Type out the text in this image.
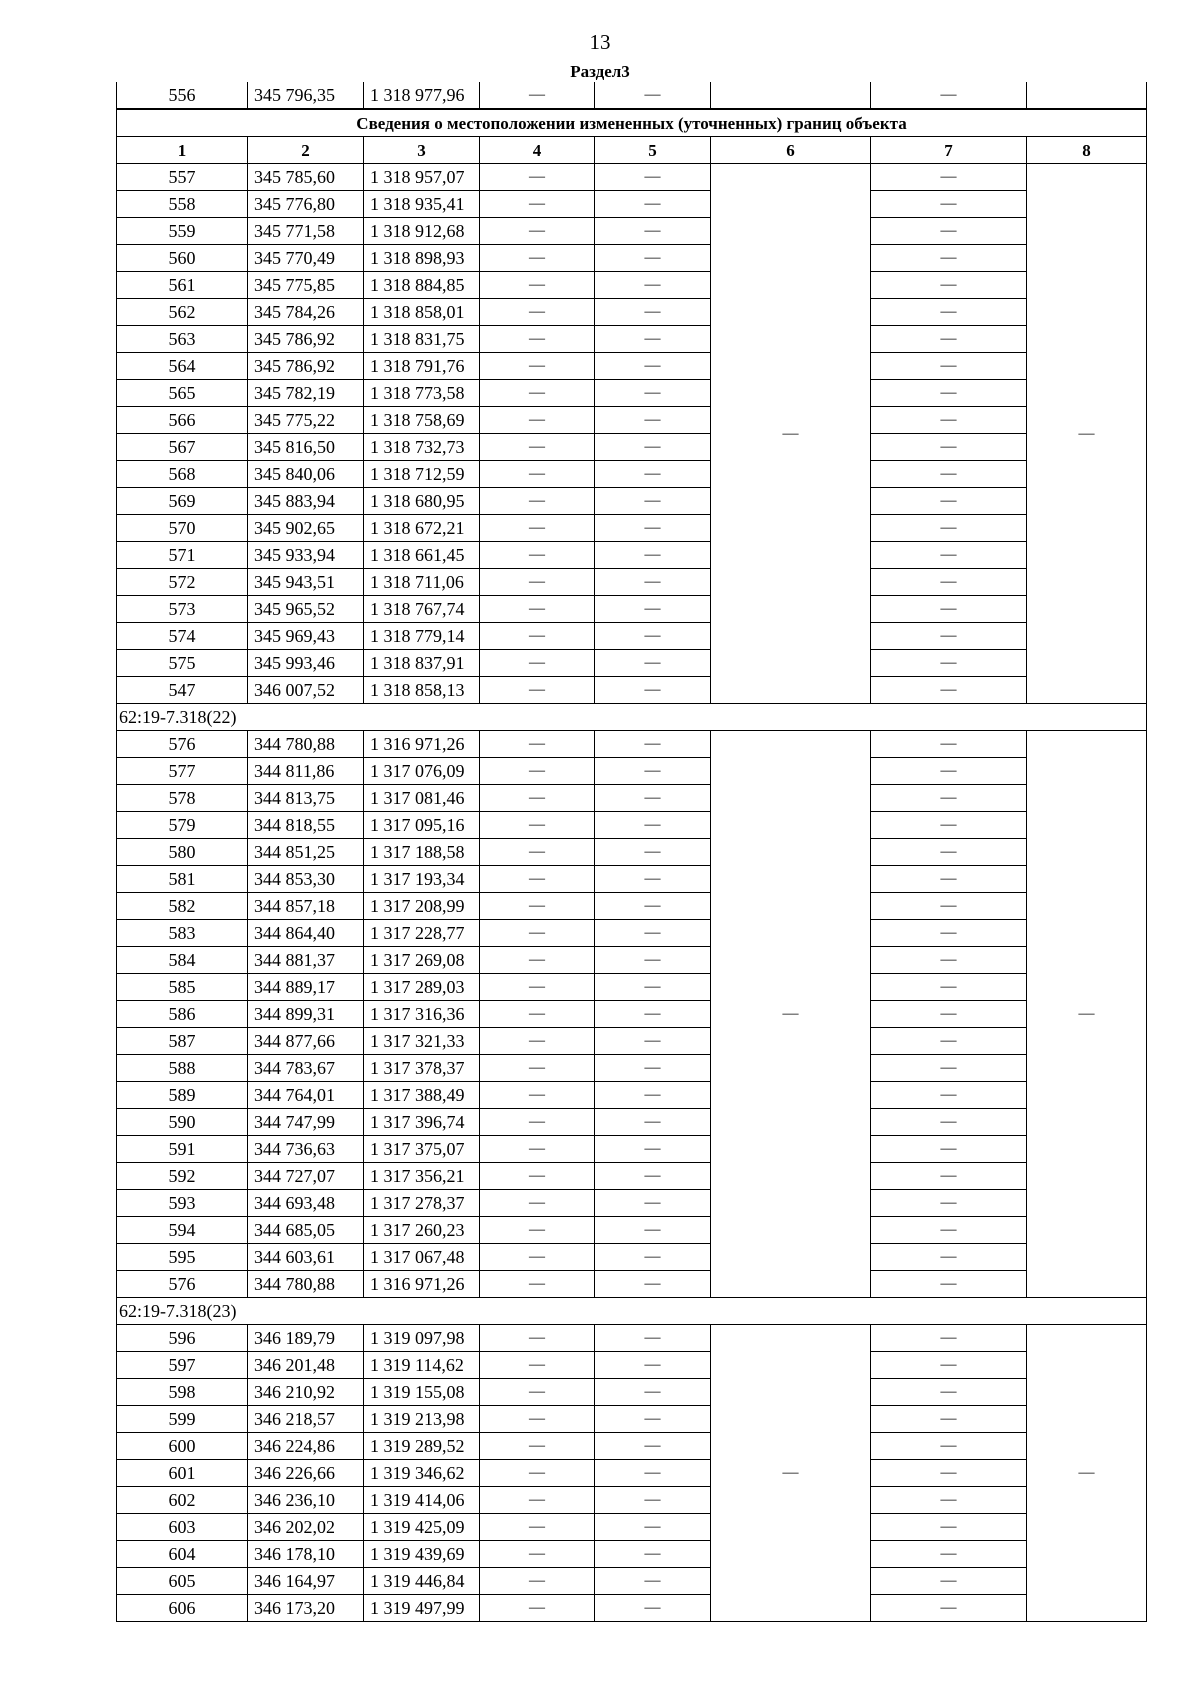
13
Раздел3
556	345 796,35	1 318 977,96	—	—		—	
Сведения о местоположении измененных (уточненных) границ объекта							
1	2	3	4	5	6	7	8
557	345 785,60	1 318 957,07	—	—	—	—	—
558	345 776,80	1 318 935,41	—	—		—	
559	345 771,58	1 318 912,68	—	—		—	
560	345 770,49	1 318 898,93	—	—		—	
561	345 775,85	1 318 884,85	—	—		—	
562	345 784,26	1 318 858,01	—	—		—	
563	345 786,92	1 318 831,75	—	—		—	
564	345 786,92	1 318 791,76	—	—		—	
565	345 782,19	1 318 773,58	—	—		—	
566	345 775,22	1 318 758,69	—	—		—	
567	345 816,50	1 318 732,73	—	—		—	
568	345 840,06	1 318 712,59	—	—		—	
569	345 883,94	1 318 680,95	—	—		—	
570	345 902,65	1 318 672,21	—	—		—	
571	345 933,94	1 318 661,45	—	—		—	
572	345 943,51	1 318 711,06	—	—		—	
573	345 965,52	1 318 767,74	—	—		—	
574	345 969,43	1 318 779,14	—	—		—	
575	345 993,46	1 318 837,91	—	—		—	
547	346 007,52	1 318 858,13	—	—		—	
62:19-7.318(22)							
576	344 780,88	1 316 971,26	—	—	—	—	—
577	344 811,86	1 317 076,09	—	—		—	
578	344 813,75	1 317 081,46	—	—		—	
579	344 818,55	1 317 095,16	—	—		—	
580	344 851,25	1 317 188,58	—	—		—	
581	344 853,30	1 317 193,34	—	—		—	
582	344 857,18	1 317 208,99	—	—		—	
583	344 864,40	1 317 228,77	—	—		—	
584	344 881,37	1 317 269,08	—	—		—	
585	344 889,17	1 317 289,03	—	—		—	
586	344 899,31	1 317 316,36	—	—		—	
587	344 877,66	1 317 321,33	—	—		—	
588	344 783,67	1 317 378,37	—	—		—	
589	344 764,01	1 317 388,49	—	—		—	
590	344 747,99	1 317 396,74	—	—		—	
591	344 736,63	1 317 375,07	—	—		—	
592	344 727,07	1 317 356,21	—	—		—	
593	344 693,48	1 317 278,37	—	—		—	
594	344 685,05	1 317 260,23	—	—		—	
595	344 603,61	1 317 067,48	—	—		—	
576	344 780,88	1 316 971,26	—	—		—	
62:19-7.318(23)							
596	346 189,79	1 319 097,98	—	—	—	—	—
597	346 201,48	1 319 114,62	—	—		—	
598	346 210,92	1 319 155,08	—	—		—	
599	346 218,57	1 319 213,98	—	—		—	
600	346 224,86	1 319 289,52	—	—		—	
601	346 226,66	1 319 346,62	—	—		—	
602	346 236,10	1 319 414,06	—	—		—	
603	346 202,02	1 319 425,09	—	—		—	
604	346 178,10	1 319 439,69	—	—		—	
605	346 164,97	1 319 446,84	—	—		—	
606	346 173,20	1 319 497,99	—	—		—	
